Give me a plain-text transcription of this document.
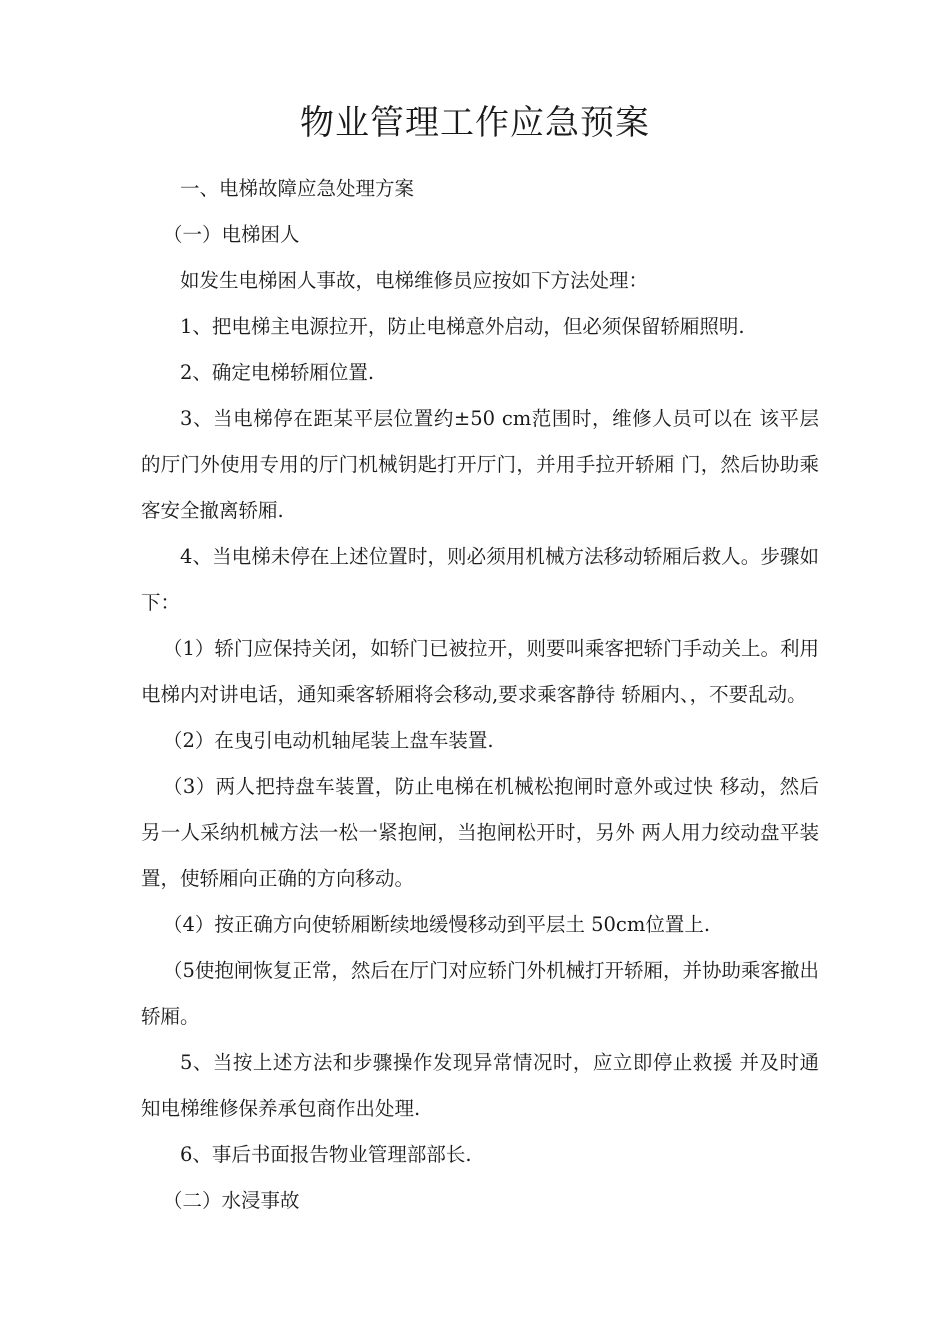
物业管理工作应急预案

一、电梯故障应急处理方案

（一）电梯困人

如发生电梯困人事故，电梯维修员应按如下方法处理：

1、把电梯主电源拉开，防止电梯意外启动，但必须保留轿厢照明.

2、确定电梯轿厢位置.

3、当电梯停在距某平层位置约±50 cm范围时，维修人员可以在 该平层的厅门外使用专用的厅门机械钥匙打开厅门，并用手拉开轿厢 门，然后协助乘客安全撤离轿厢.

4、当电梯未停在上述位置时，则必须用机械方法移动轿厢后救人。步骤如下：

（1）轿门应保持关闭，如轿门已被拉开，则要叫乘客把轿门手动关上。利用电梯内对讲电话，通知乘客轿厢将会移动,要求乘客静待 轿厢内、，不要乱动。

（2）在曳引电动机轴尾装上盘车装置.

（3）两人把持盘车装置，防止电梯在机械松抱闸时意外或过快 移动，然后另一人采纳机械方法一松一紧抱闸，当抱闸松开时，另外 两人用力绞动盘平装置，使轿厢向正确的方向移动。

（4）按正确方向使轿厢断续地缓慢移动到平层土 50cm位置上.

（5使抱闸恢复正常，然后在厅门对应轿门外机械打开轿厢，并协助乘客撤出轿厢。

5、当按上述方法和步骤操作发现异常情况时，应立即停止救援 并及时通知电梯维修保养承包商作出处理.

6、事后书面报告物业管理部部长.

（二）水浸事故
